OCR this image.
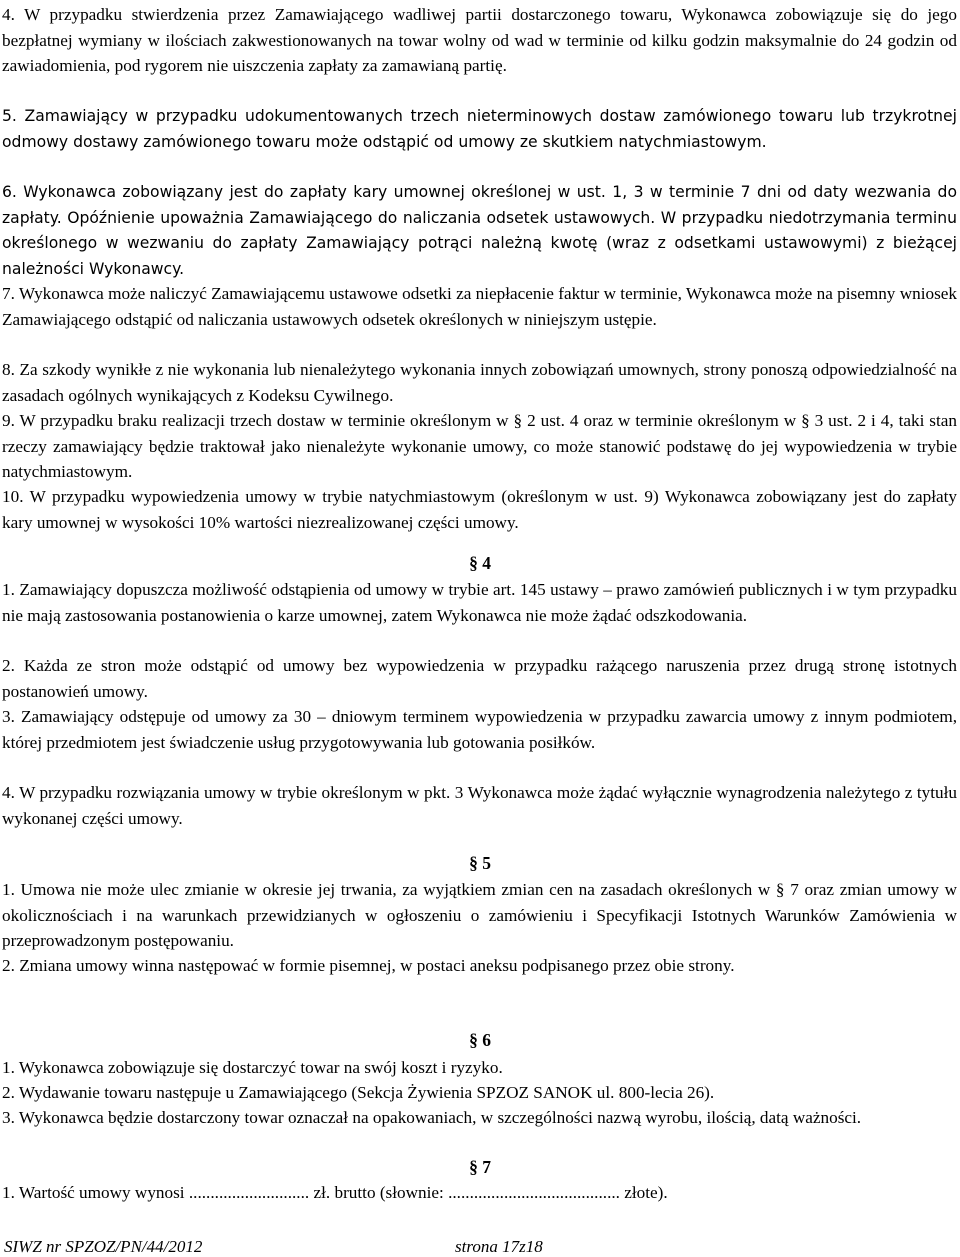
4. W przypadku stwierdzenia przez Zamawiającego wadliwej partii dostarczonego towaru, Wykonawca zobowiązuje się do jego bezpłatnej wymiany w ilościach zakwestionowanych na towar wolny od wad w terminie od kilku godzin maksymalnie do 24 godzin od zawiadomienia, pod rygorem nie uiszczenia zapłaty za zamawianą partię.

5. Zamawiający w przypadku udokumentowanych trzech nieterminowych dostaw zamówionego towaru lub trzykrotnej odmowy dostawy zamówionego towaru może odstąpić od umowy ze skutkiem natychmiastowym.

6. Wykonawca zobowiązany jest do zapłaty kary umownej określonej w ust. 1, 3 w terminie 7 dni od daty wezwania do zapłaty. Opóźnienie upoważnia Zamawiającego do naliczania odsetek ustawowych. W przypadku niedotrzymania terminu określonego w wezwaniu do zapłaty Zamawiający potrąci należną kwotę (wraz z odsetkami ustawowymi) z bieżącej należności Wykonawcy.

7. Wykonawca może naliczyć Zamawiającemu ustawowe odsetki za niepłacenie faktur w terminie, Wykonawca może na pisemny wniosek Zamawiającego odstąpić od naliczania ustawowych odsetek określonych w niniejszym ustępie.

8. Za szkody wynikłe z nie wykonania lub nienależytego wykonania innych zobowiązań umownych, strony ponoszą odpowiedzialność na zasadach ogólnych wynikających z Kodeksu Cywilnego.

9. W przypadku braku realizacji trzech dostaw w terminie określonym w § 2 ust. 4 oraz w terminie określonym w § 3 ust. 2 i 4, taki stan rzeczy zamawiający będzie traktował jako nienależyte wykonanie umowy, co może stanowić podstawę do jej wypowiedzenia w trybie natychmiastowym.

10. W przypadku wypowiedzenia umowy w trybie natychmiastowym (określonym w ust. 9) Wykonawca zobowiązany jest do zapłaty kary umownej w wysokości 10% wartości niezrealizowanej części umowy.

§ 4

1. Zamawiający dopuszcza możliwość odstąpienia od umowy w trybie art. 145 ustawy – prawo zamówień publicznych i w tym przypadku nie mają zastosowania postanowienia o karze umownej, zatem Wykonawca nie może żądać odszkodowania.

2. Każda ze stron może odstąpić od umowy bez wypowiedzenia w przypadku rażącego naruszenia przez drugą stronę istotnych postanowień umowy.

3. Zamawiający odstępuje od umowy za 30 – dniowym terminem wypowiedzenia w przypadku zawarcia umowy z innym podmiotem, której przedmiotem jest świadczenie usług przygotowywania lub gotowania posiłków.

4. W przypadku rozwiązania umowy w trybie określonym w pkt. 3 Wykonawca może żądać wyłącznie wynagrodzenia należytego z tytułu wykonanej części umowy.

§ 5

1. Umowa nie może ulec zmianie w okresie jej trwania, za wyjątkiem zmian cen na zasadach określonych w § 7 oraz zmian umowy w okolicznościach i na warunkach przewidzianych w ogłoszeniu o zamówieniu i Specyfikacji Istotnych Warunków Zamówienia w przeprowadzonym postępowaniu.

2. Zmiana umowy winna następować w formie pisemnej, w postaci aneksu podpisanego przez obie strony.

§ 6

1. Wykonawca zobowiązuje się dostarczyć towar na swój koszt i ryzyko.

2. Wydawanie towaru następuje u Zamawiającego (Sekcja Żywienia SPZOZ SANOK ul. 800-lecia 26).

3. Wykonawca będzie dostarczony towar oznaczał na opakowaniach, w szczególności nazwą wyrobu, ilością, datą ważności.

§ 7

1. Wartość umowy wynosi ............................ zł. brutto (słownie: ........................................ złote).

SIWZ nr SPZOZ/PN/44/2012	strona 17z18
